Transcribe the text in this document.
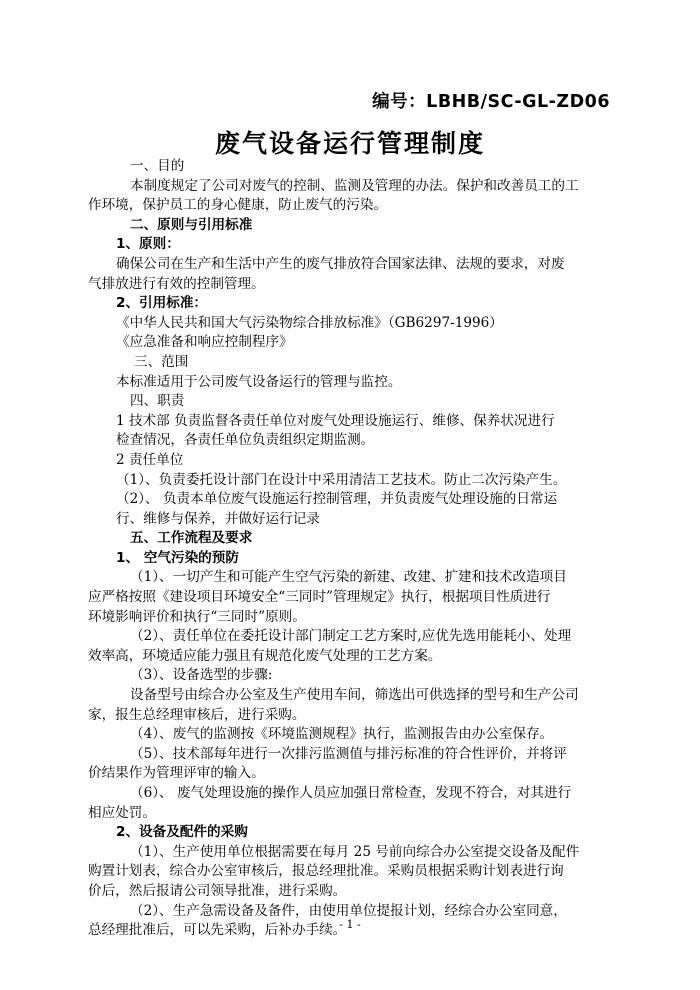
编号：LBHB/SC-GL-ZD06
废气设备运行管理制度

一、目的

本制度规定了公司对废气的控制、监测及管理的办法。保护和改善员工的工

作环境，保护员工的身心健康，防止废气的污染。

二、原则与引用标准

1、原则：

确保公司在生产和生活中产生的废气排放符合国家法律、法规的要求，对废

气排放进行有效的控制管理。

2、引用标准：

《中华人民共和国大气污染物综合排放标准》（GB6297-1996）

《应急准备和响应控制程序》

三、范围

本标准适用于公司废气设备运行的管理与监控。

四、职责

1 技术部 负责监督各责任单位对废气处理设施运行、维修、保养状况进行

检查情况，各责任单位负责组织定期监测。

2 责任单位

（1）、负责委托设计部门在设计中采用清洁工艺技术。防止二次污染产生。

（2）、 负责本单位废气设施运行控制管理，并负责废气处理设施的日常运

行、维修与保养，并做好运行记录

五、工作流程及要求

1、 空气污染的预防

（1）、一切产生和可能产生空气污染的新建、改建、扩建和技术改造项目

应严格按照《建设项目环境安全“三同时”管理规定》执行，根据项目性质进行

环境影响评价和执行“三同时”原则。

（2）、责任单位在委托设计部门制定工艺方案时,应优先选用能耗小、处理

效率高，环境适应能力强且有规范化废气处理的工艺方案。

（3）、设备选型的步骤:

设备型号由综合办公室及生产使用车间，筛选出可供选择的型号和生产公司

家，报生总经理审核后，进行采购。

（4）、废气的监测按《环境监测规程》执行，监测报告由办公室保存。

（5）、技术部每年进行一次排污监测值与排污标准的符合性评价，并将评

价结果作为管理评审的输入。

（6）、 废气处理设施的操作人员应加强日常检查，发现不符合，对其进行

相应处罚。

2、设备及配件的采购

（1）、生产使用单位根据需要在每月 25 号前向综合办公室提交设备及配件

购置计划表，综合办公室审核后，报总经理批准。采购员根据采购计划表进行询

价后，然后报请公司领导批准，进行采购。

（2）、生产急需设备及备件，由使用单位提报计划，经综合办公室同意，

总经理批准后，可以先采购，后补办手续。

- 1 -
